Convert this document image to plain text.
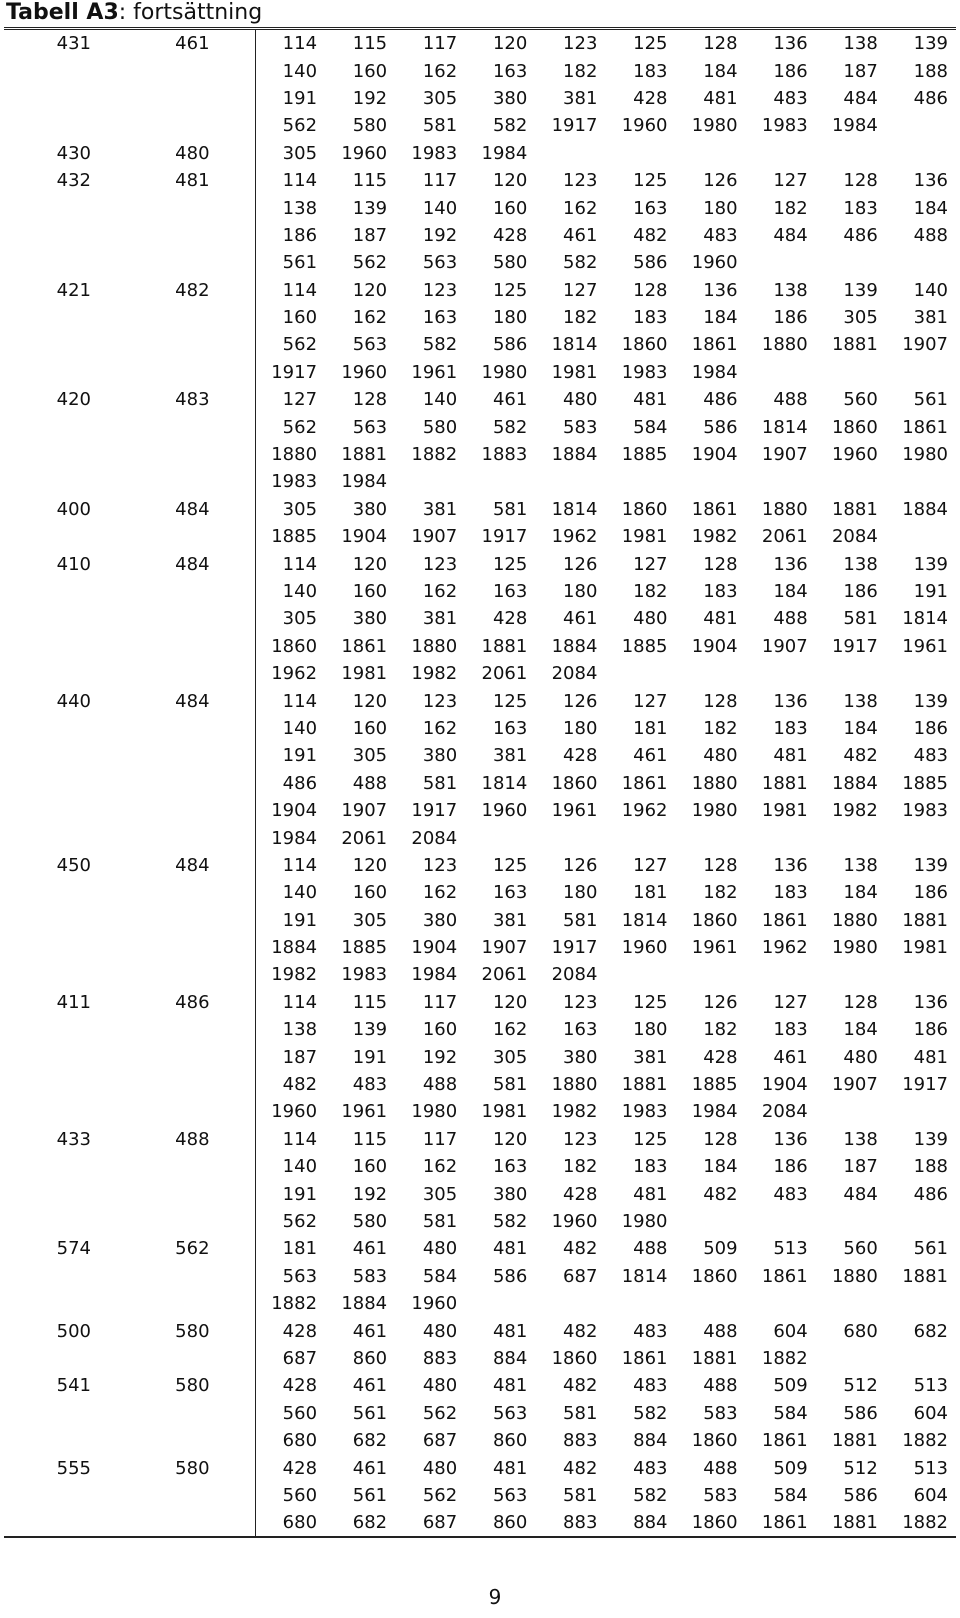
Tabell A3: fortsättning
431	461	114	115	117	120	123	125	128	136	138	139
		140	160	162	163	182	183	184	186	187	188
		191	192	305	380	381	428	481	483	484	486
		562	580	581	582	1917	1960	1980	1983	1984	
430	480	305	1960	1983	1984						
432	481	114	115	117	120	123	125	126	127	128	136
		138	139	140	160	162	163	180	182	183	184
		186	187	192	428	461	482	483	484	486	488
		561	562	563	580	582	586	1960			
421	482	114	120	123	125	127	128	136	138	139	140
		160	162	163	180	182	183	184	186	305	381
		562	563	582	586	1814	1860	1861	1880	1881	1907
		1917	1960	1961	1980	1981	1983	1984			
420	483	127	128	140	461	480	481	486	488	560	561
		562	563	580	582	583	584	586	1814	1860	1861
		1880	1881	1882	1883	1884	1885	1904	1907	1960	1980
		1983	1984								
400	484	305	380	381	581	1814	1860	1861	1880	1881	1884
		1885	1904	1907	1917	1962	1981	1982	2061	2084	
410	484	114	120	123	125	126	127	128	136	138	139
		140	160	162	163	180	182	183	184	186	191
		305	380	381	428	461	480	481	488	581	1814
		1860	1861	1880	1881	1884	1885	1904	1907	1917	1961
		1962	1981	1982	2061	2084					
440	484	114	120	123	125	126	127	128	136	138	139
		140	160	162	163	180	181	182	183	184	186
		191	305	380	381	428	461	480	481	482	483
		486	488	581	1814	1860	1861	1880	1881	1884	1885
		1904	1907	1917	1960	1961	1962	1980	1981	1982	1983
		1984	2061	2084							
450	484	114	120	123	125	126	127	128	136	138	139
		140	160	162	163	180	181	182	183	184	186
		191	305	380	381	581	1814	1860	1861	1880	1881
		1884	1885	1904	1907	1917	1960	1961	1962	1980	1981
		1982	1983	1984	2061	2084					
411	486	114	115	117	120	123	125	126	127	128	136
		138	139	160	162	163	180	182	183	184	186
		187	191	192	305	380	381	428	461	480	481
		482	483	488	581	1880	1881	1885	1904	1907	1917
		1960	1961	1980	1981	1982	1983	1984	2084		
433	488	114	115	117	120	123	125	128	136	138	139
		140	160	162	163	182	183	184	186	187	188
		191	192	305	380	428	481	482	483	484	486
		562	580	581	582	1960	1980				
574	562	181	461	480	481	482	488	509	513	560	561
		563	583	584	586	687	1814	1860	1861	1880	1881
		1882	1884	1960							
500	580	428	461	480	481	482	483	488	604	680	682
		687	860	883	884	1860	1861	1881	1882		
541	580	428	461	480	481	482	483	488	509	512	513
		560	561	562	563	581	582	583	584	586	604
		680	682	687	860	883	884	1860	1861	1881	1882
555	580	428	461	480	481	482	483	488	509	512	513
		560	561	562	563	581	582	583	584	586	604
		680	682	687	860	883	884	1860	1861	1881	1882
9
